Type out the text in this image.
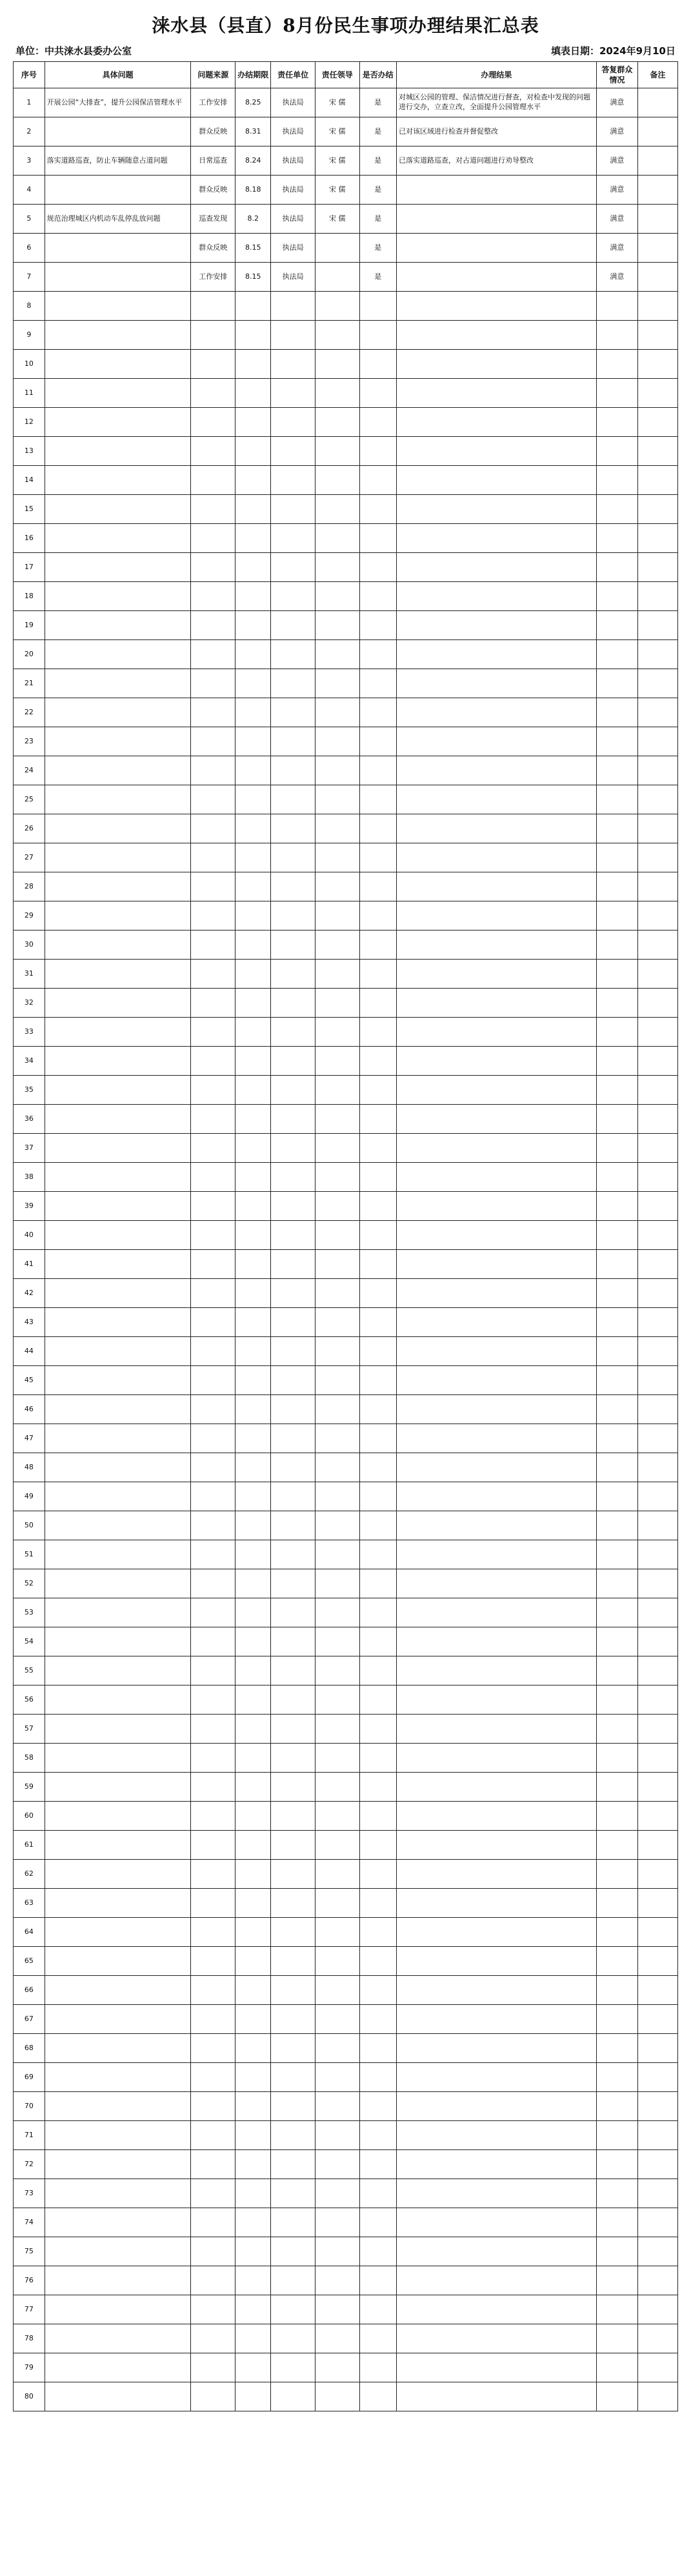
涞水县（县直）8月份民生事项办理结果汇总表
单位：中共涞水县委办公室	填表日期：2024年9月10日
序号	具体问题	问题来源	办结期限	责任单位	责任领导	是否办结	办理结果	答复群众情况	备注
1	开展公园“大排查”，提升公园保洁管理水平	工作安排	8.25	执法局	宋 儒	是	对城区公园的管理、保洁情况进行督查，对检查中发现的问题进行交办，立查立改，全面提升公园管理水平	满意	
2		群众反映	8.31	执法局	宋 儒	是	已对该区域进行检查并督促整改	满意	
3	落实道路巡查，防止车辆随意占道问题	日常巡查	8.24	执法局	宋 儒	是	已落实道路巡查，对占道问题进行劝导整改	满意	
4		群众反映	8.18	执法局	宋 儒	是		满意	
5	规范治理城区内机动车乱停乱放问题	巡查发现	8.2	执法局	宋 儒	是		满意	
6		群众反映	8.15	执法局		是		满意	
7		工作安排	8.15	执法局		是		满意	
8									
9									
10									
11									
12									
13									
14									
15									
16									
17									
18									
19									
20									
21									
22									
23									
24									
25									
26									
27									
28									
29									
30									
31									
32									
33									
34									
35									
36									
37									
38									
39									
40									
41									
42									
43									
44									
45									
46									
47									
48									
49									
50									
51									
52									
53									
54									
55									
56									
57									
58									
59									
60									
61									
62									
63									
64									
65									
66									
67									
68									
69									
70									
71									
72									
73									
74									
75									
76									
77									
78									
79									
80									
